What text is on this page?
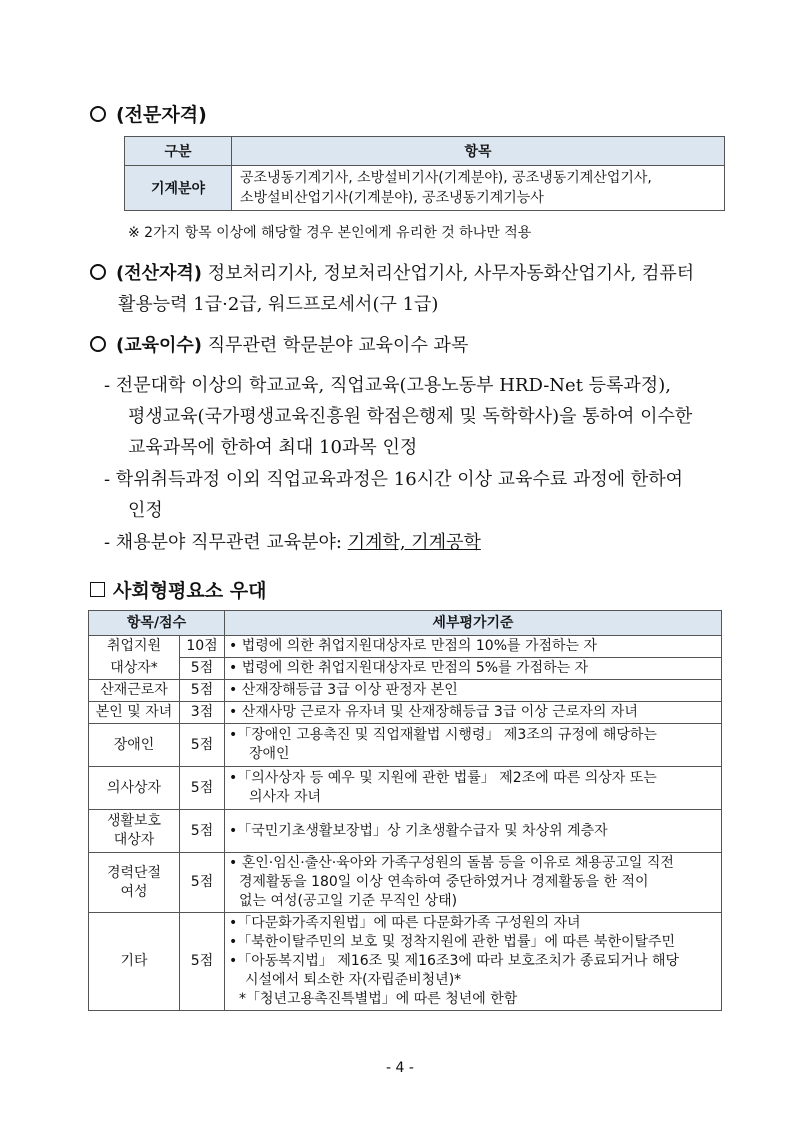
(전문자격)
구분	항목
기계분야	공조냉동기계기사, 소방설비기사(기계분야), 공조냉동기계산업기사,
소방설비산업기사(기계분야), 공조냉동기계기능사
※ 2가지 항목 이상에 해당할 경우 본인에게 유리한 것 하나만 적용
(전산자격) 정보처리기사, 정보처리산업기사, 사무자동화산업기사, 컴퓨터
활용능력 1급·2급, 워드프로세서(구 1급)
(교육이수) 직무관련 학문분야 교육이수 과목
- 전문대학 이상의 학교교육, 직업교육(고용노동부 HRD-Net 등록과정),
평생교육(국가평생교육진흥원 학점은행제 및 독학학사)을 통하여 이수한
교육과목에 한하여 최대 10과목 인정
- 학위취득과정 이외 직업교육과정은 16시간 이상 교육수료 과정에 한하여
인정
- 채용분야 직무관련 교육분야: 기계학, 기계공학
사회형평요소 우대
항목/점수		세부평가기준
취업지원	10점	• 법령에 의한 취업지원대상자로 만점의 10%를 가점하는 자
대상자*	5점	• 법령에 의한 취업지원대상자로 만점의 5%를 가점하는 자
산재근로자	5점	• 산재장해등급 3급 이상 판정자 본인
본인 및 자녀	3점	• 산재사망 근로자 유자녀 및 산재장해등급 3급 이상 근로자의 자녀
장애인	5점	•「장애인 고용촉진 및 직업재활법 시행령」 제3조의 규정에 해당하는
장애인

의사상자	5점	•「의사상자 등 예우 및 지원에 관한 법률」 제2조에 따른 의상자 또는
의사자 자녀

생활보호
대상자	5점	•「국민기초생활보장법」상 기초생활수급자 및 차상위 계층자

경력단절
여성	5점	• 혼인·임신·출산·육아와 가족구성원의 돌봄 등을 이유로 채용공고일 직전
경제활동을 180일 이상 연속하여 중단하였거나 경제활동을 한 적이
없는 여성(공고일 기준 무직인 상태)

기타	5점	•「다문화가족지원법」에 따른 다문화가족 구성원의 자녀
•「북한이탈주민의 보호 및 정착지원에 관한 법률」에 따른 북한이탈주민
•「아동복지법」 제16조 및 제16조3에 따라 보호조치가 종료되거나 해당
시설에서 퇴소한 자(자립준비청년)*
*「청년고용촉진특별법」에 따른 청년에 한함
- 4 -
